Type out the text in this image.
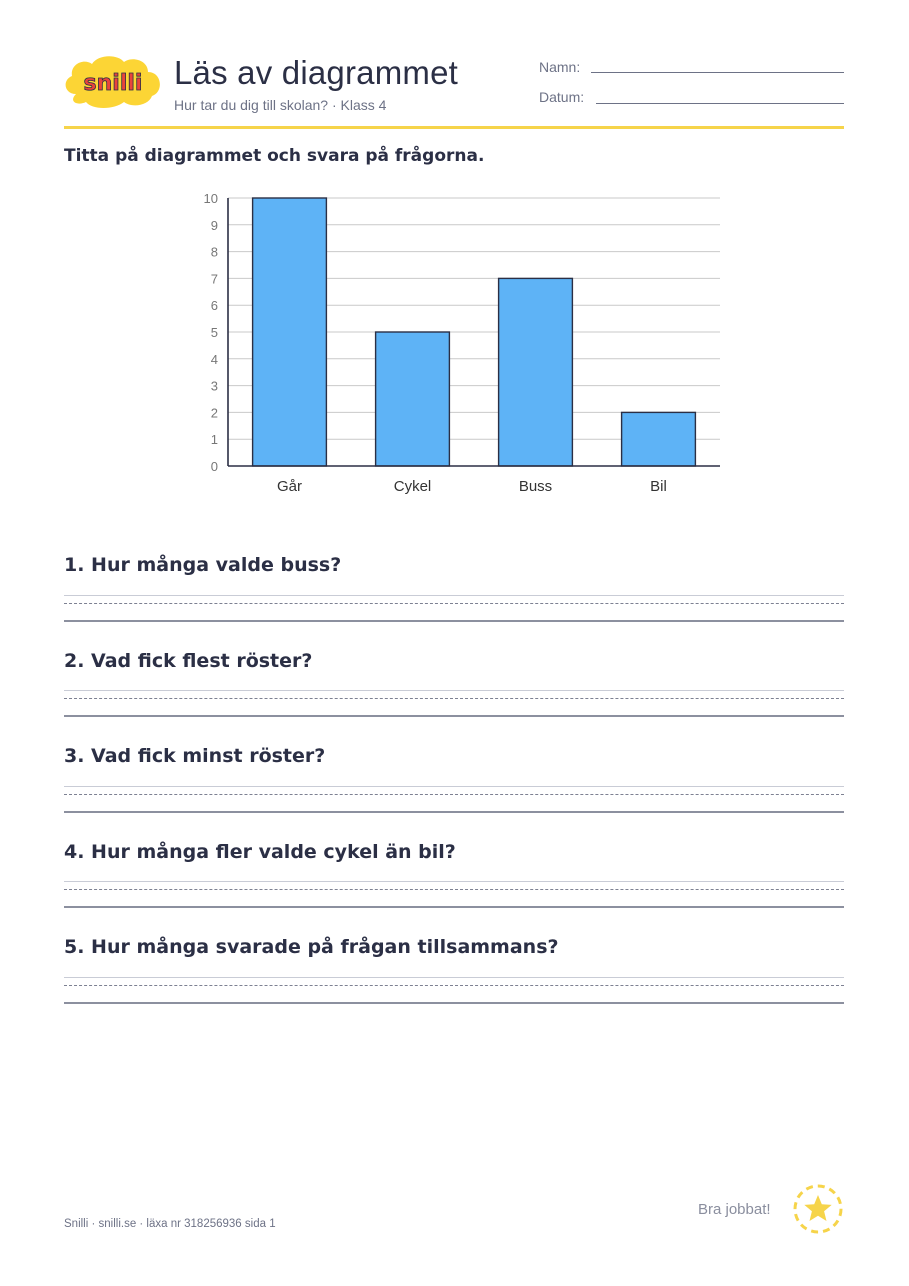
snilli Läs av diagrammet
Hur tar du dig till skolan? · Klass 4
Namn:
Datum:
Titta på diagrammet och svara på frågorna.
0
1
2
3
4
5
6
7
8
9
10
Går	Cykel	Buss	Bil
1. Hur många valde buss?
2. Vad fick flest röster?
3. Vad fick minst röster?
4. Hur många fler valde cykel än bil?
5. Hur många svarade på frågan tillsammans?
Snilli · snilli.se · läxa nr 318256936 sida 1
Bra jobbat!
